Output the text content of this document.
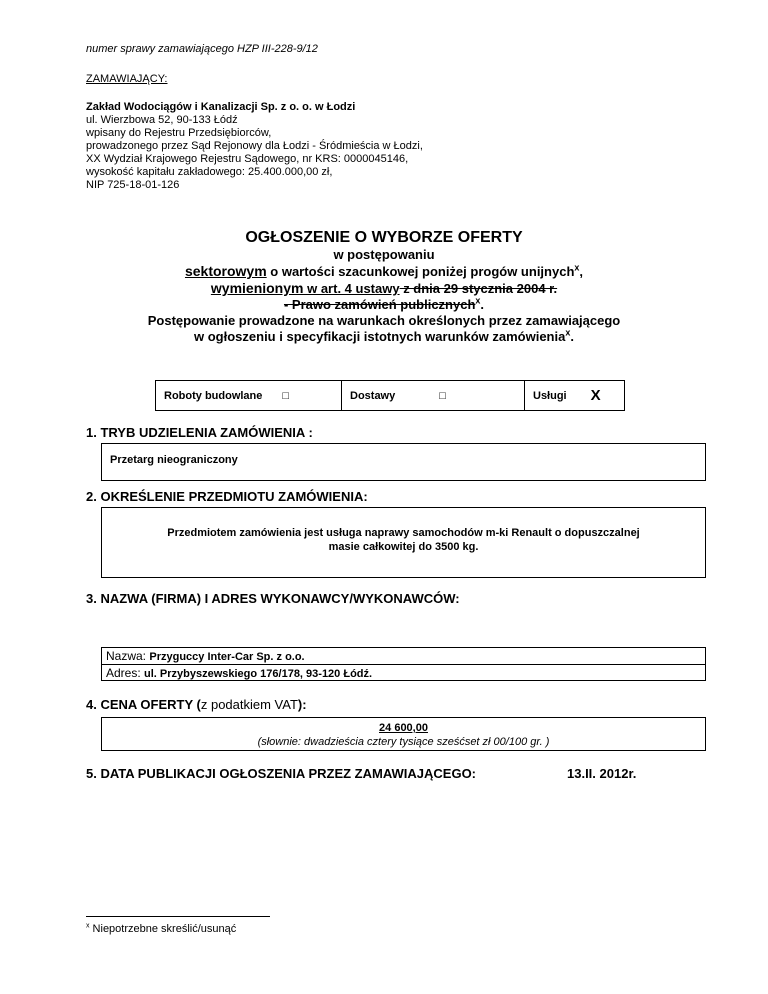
numer sprawy zamawiającego HZP III-228-9/12
ZAMAWIAJĄCY:
Zakład Wodociągów i Kanalizacji Sp. z o. o. w Łodzi
ul. Wierzbowa 52, 90-133 Łódź
wpisany do Rejestru Przedsiębiorców,
prowadzonego przez Sąd Rejonowy dla Łodzi - Śródmieścia w Łodzi,
XX Wydział Krajowego Rejestru Sądowego, nr KRS: 0000045146,
wysokość kapitału zakładowego: 25.400.000,00 zł,
NIP 725-18-01-126
OGŁOSZENIE O WYBORZE OFERTY
w postępowaniu
sektorowym o wartości szacunkowej poniżej progów unijnych$^x$,
wymienionym w art. 4 ustawy z dnia 29 stycznia 2004 r.
- Prawo zamówień publicznych$^x$.
Postępowanie prowadzone na warunkach określonych przez zamawiającego
w ogłoszeniu i specyfikacji istotnych warunków zamówienia$^x$.
Roboty budowlane □	Dostawy	□	Usługi X
1. TRYB UDZIELENIA ZAMÓWIENIA :
Przetarg nieograniczony
2. OKREŚLENIE PRZEDMIOTU ZAMÓWIENIA:
Przedmiotem zamówienia jest usługa naprawy samochodów m-ki Renault o dopuszczalnej
masie całkowitej do 3500 kg.
3. NAZWA (FIRMA) I ADRES WYKONAWCY/WYKONAWCÓW:
Nazwa: Przyguccy Inter-Car Sp. z o.o.
Adres: ul. Przybyszewskiego 176/178, 93-120 Łódź.
4. CENA OFERTY (z podatkiem VAT):
24 600,00
(słownie: dwadzieścia cztery tysiące sześćset zł 00/100 gr. )
5. DATA PUBLIKACJI OGŁOSZENIA PRZEZ ZAMAWIAJĄCEGO:	13.II. 2012r.
$^x$ Niepotrzebne skreślić/usunąć
